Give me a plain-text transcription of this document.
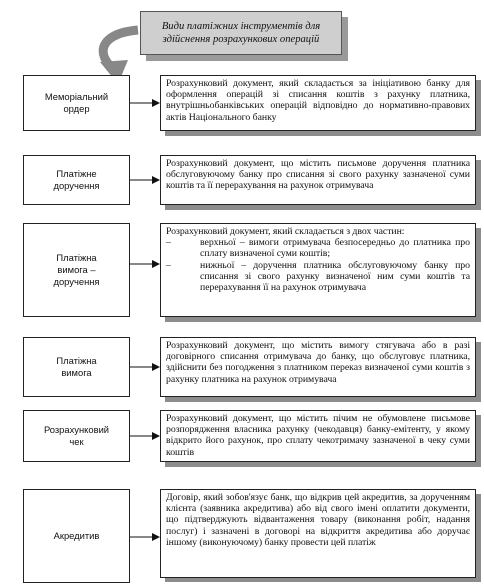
Види платіжних інструментів для здійснення розрахункових операцій
Меморіальний
ордер

Розрахунковий документ, який складається за ініціативою банку для оформлення операцій зі списання коштів з рахунку платника, внутрішньобанківських операцій відповідно до нормативно-правових актів Національного банку

Платіжне
доручення

Розрахунковий документ, що містить письмове доручення платника обслуговуючому банку про списання зі свого рахунку зазначеної суми коштів та її перерахування на рахунок отримувача

Платіжна
вимога –
доручення

Розрахунковий документ, який складається з двох частин:

–	верхньої – вимоги отримувача безпосередньо до платника про сплату визначеної суми коштів;
–	нижньої – доручення платника обслуговуючому банку про списання зі свого рахунку визначеної ним суми коштів та перерахування її на рахунок отримувача
Платіжна
вимога

Розрахунковий документ, що містить вимогу стягувача або в разі договірного списання отримувача до банку, що обслуговує платника, здійснити без погодження з платником переказ визначеної суми коштів з рахунку платника на рахунок отримувача

Розрахунковий
чек

Розрахунковий документ, що містить пічим не обумовлене письмове розпорядження власника рахунку (чекодавця) банку-емітенту, у якому відкрито його рахунок, про сплату чекотримачу зазначеної в чеку суми коштів

Акредитив

Договір, який зобов'язує банк, що відкрив цей акредитив, за дорученням клієнта (заявника акредитива) або від свого імені оплатити документи, що підтверджують відвантаження товару (виконання робіт, надання послуг) і зазначені в договорі на відкриття акредитива або доручає іншому (виконуючому) банку провести цей платіж
